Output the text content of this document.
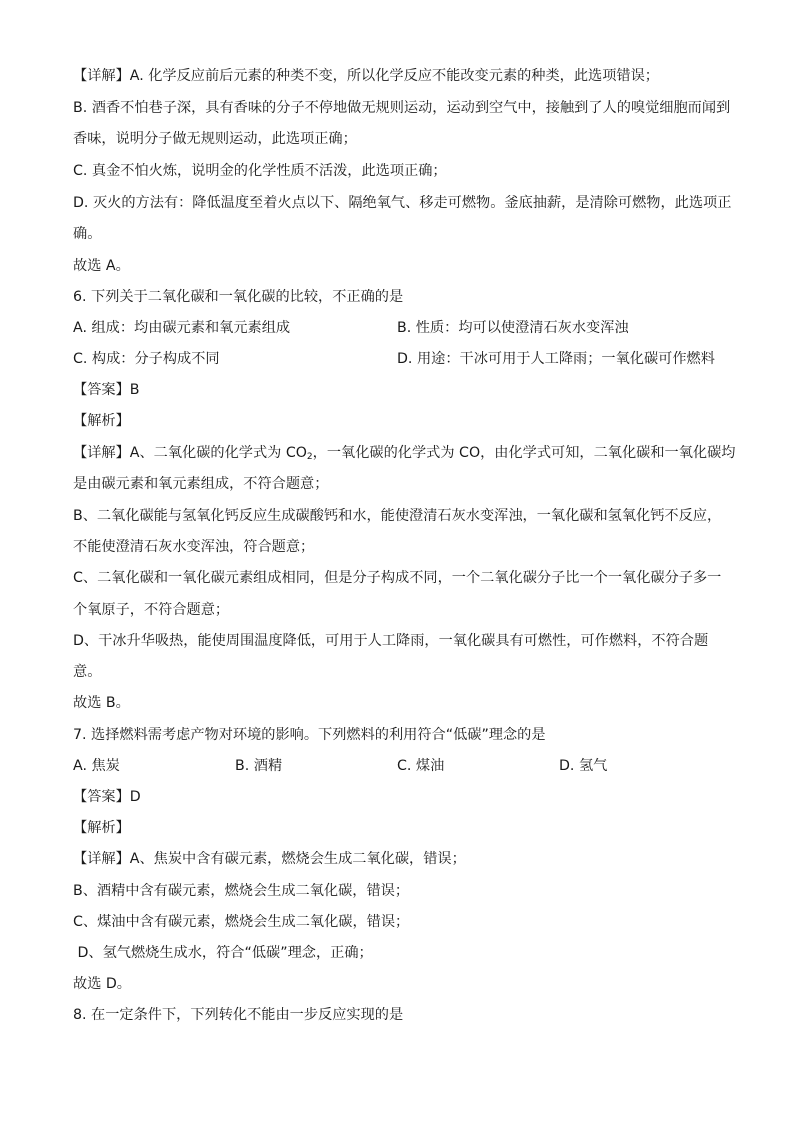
【详解】A. 化学反应前后元素的种类不变，所以化学反应不能改变元素的种类，此选项错误；
B. 酒香不怕巷子深，具有香味的分子不停地做无规则运动，运动到空气中，接触到了人的嗅觉细胞而闻到
香味，说明分子做无规则运动，此选项正确；
C. 真金不怕火炼，说明金的化学性质不活泼，此选项正确；
D. 灭火的方法有：降低温度至着火点以下、隔绝氧气、移走可燃物。釜底抽薪，是清除可燃物，此选项正
确。
故选 A。
6. 下列关于二氧化碳和一氧化碳的比较，不正确的是
A. 组成：均由碳元素和氧元素组成	B. 性质：均可以使澄清石灰水变浑浊
C. 构成：分子构成不同	D. 用途：干冰可用于人工降雨；一氧化碳可作燃料
【答案】B
【解析】
【详解】A、二氧化碳的化学式为 $CO_2$，一氧化碳的化学式为 CO，由化学式可知，二氧化碳和一氧化碳均
是由碳元素和氧元素组成，不符合题意；
B、二氧化碳能与氢氧化钙反应生成碳酸钙和水，能使澄清石灰水变浑浊，一氧化碳和氢氧化钙不反应，
不能使澄清石灰水变浑浊，符合题意；
C、二氧化碳和一氧化碳元素组成相同，但是分子构成不同，一个二氧化碳分子比一个一氧化碳分子多一
个氧原子，不符合题意；
D、干冰升华吸热，能使周围温度降低，可用于人工降雨，一氧化碳具有可燃性，可作燃料，不符合题
意。
故选 B。
7. 选择燃料需考虑产物对环境的影响。下列燃料的利用符合“低碳”理念的是
A. 焦炭	B. 酒精	C. 煤油	D. 氢气
【答案】D
【解析】
【详解】A、焦炭中含有碳元素，燃烧会生成二氧化碳，错误；
B、酒精中含有碳元素，燃烧会生成二氧化碳，错误；
C、煤油中含有碳元素，燃烧会生成二氧化碳，错误；
D、氢气燃烧生成水，符合“低碳”理念，正确；
故选 D。
8. 在一定条件下，下列转化不能由一步反应实现的是
